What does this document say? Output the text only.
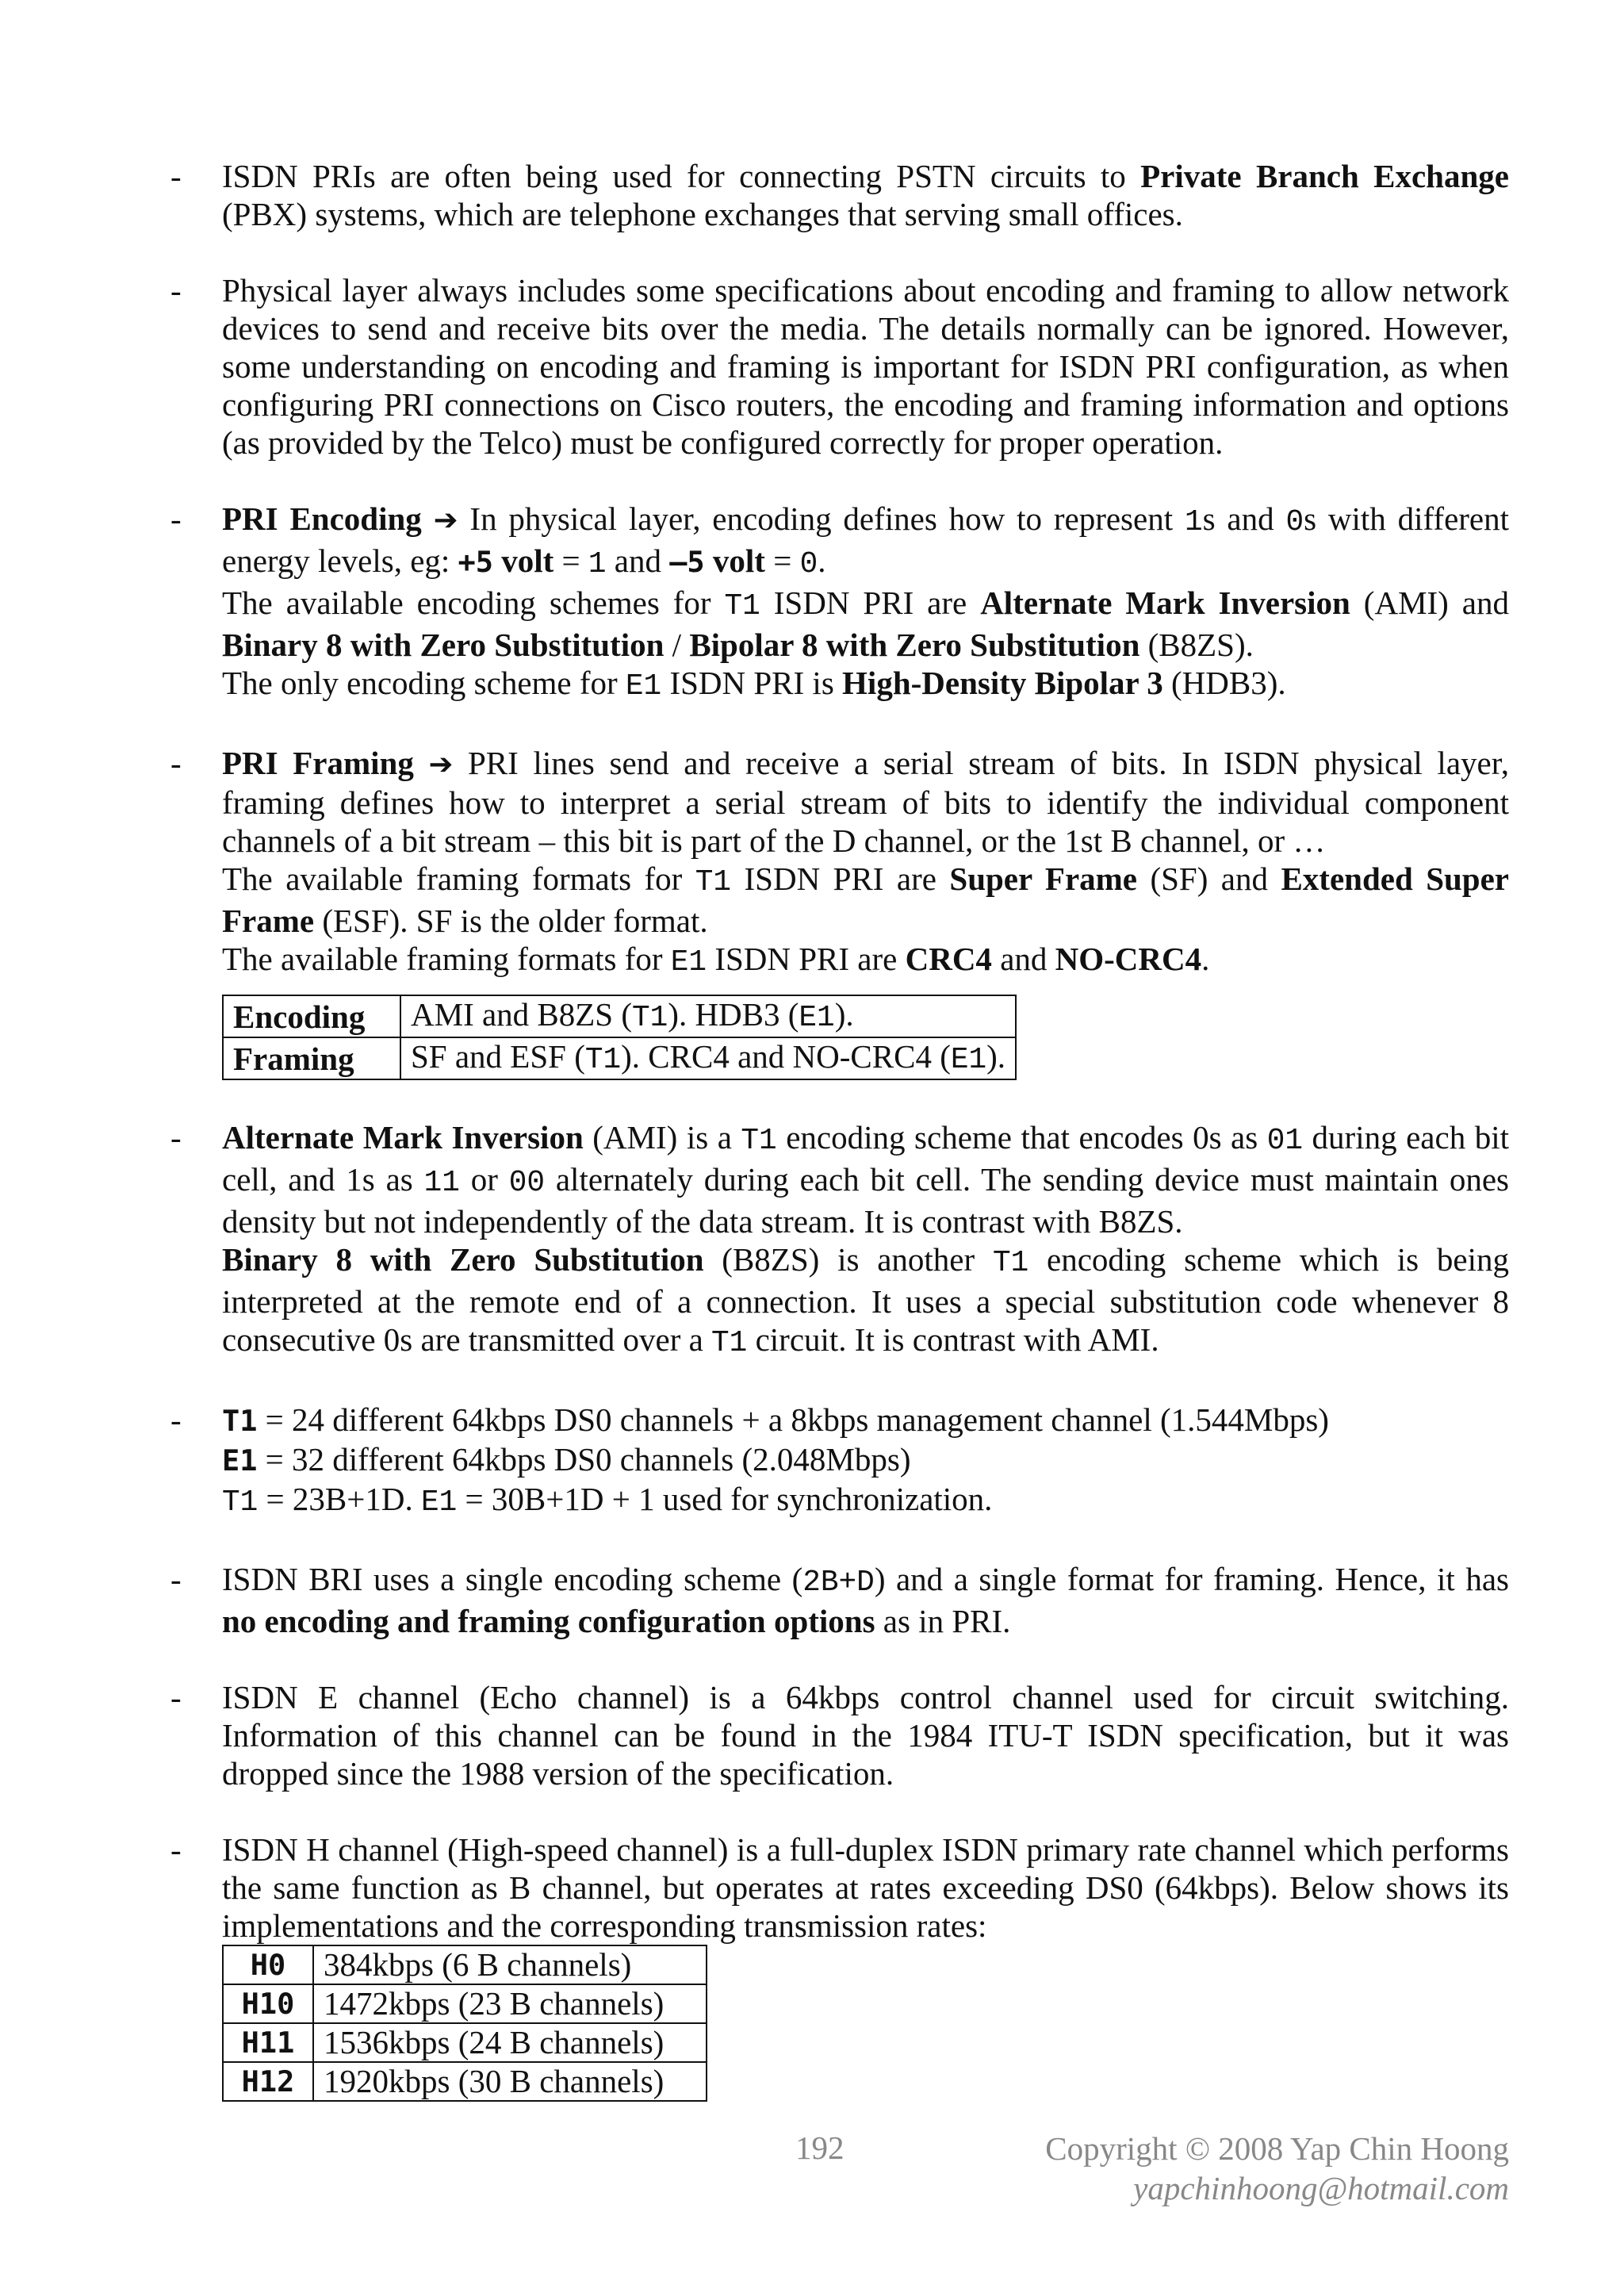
- ISDN PRIs are often being used for connecting PSTN circuits to Private Branch Exchange (PBX) systems, which are telephone exchanges that serving small offices.

- Physical layer always includes some specifications about encoding and framing to allow network devices to send and receive bits over the media. The details normally can be ignored. However, some understanding on encoding and framing is important for ISDN PRI configuration, as when configuring PRI connections on Cisco routers, the encoding and framing information and options (as provided by the Telco) must be configured correctly for proper operation.

- PRI Encoding ➔ In physical layer, encoding defines how to represent 1s and 0s with different energy levels, eg: +5 volt = 1 and –5 volt = 0.
The available encoding schemes for T1 ISDN PRI are Alternate Mark Inversion (AMI) and Binary 8 with Zero Substitution / Bipolar 8 with Zero Substitution (B8ZS).
The only encoding scheme for E1 ISDN PRI is High-Density Bipolar 3 (HDB3).

- PRI Framing ➔ PRI lines send and receive a serial stream of bits. In ISDN physical layer, framing defines how to interpret a serial stream of bits to identify the individual component channels of a bit stream – this bit is part of the D channel, or the 1st B channel, or …
The available framing formats for T1 ISDN PRI are Super Frame (SF) and Extended Super Frame (ESF). SF is the older format.
The available framing formats for E1 ISDN PRI are CRC4 and NO-CRC4.

Encoding	AMI and B8ZS (T1). HDB3 (E1).
Framing	SF and ESF (T1). CRC4 and NO-CRC4 (E1).
- Alternate Mark Inversion (AMI) is a T1 encoding scheme that encodes 0s as 01 during each bit cell, and 1s as 11 or 00 alternately during each bit cell. The sending device must maintain ones density but not independently of the data stream. It is contrast with B8ZS.
Binary 8 with Zero Substitution (B8ZS) is another T1 encoding scheme which is being interpreted at the remote end of a connection. It uses a special substitution code whenever 8 consecutive 0s are transmitted over a T1 circuit. It is contrast with AMI.

- T1 = 24 different 64kbps DS0 channels + a 8kbps management channel (1.544Mbps)
E1 = 32 different 64kbps DS0 channels (2.048Mbps)
T1 = 23B+1D. E1 = 30B+1D + 1 used for synchronization.

- ISDN BRI uses a single encoding scheme (2B+D) and a single format for framing. Hence, it has no encoding and framing configuration options as in PRI.

- ISDN E channel (Echo channel) is a 64kbps control channel used for circuit switching. Information of this channel can be found in the 1984 ITU-T ISDN specification, but it was dropped since the 1988 version of the specification.

- ISDN H channel (High-speed channel) is a full-duplex ISDN primary rate channel which performs the same function as B channel, but operates at rates exceeding DS0 (64kbps). Below shows its implementations and the corresponding transmission rates:

H0	384kbps (6 B channels)
H10	1472kbps (23 B channels)
H11	1536kbps (24 B channels)
H12	1920kbps (30 B channels)
192	Copyright © 2008 Yap Chin Hoong
yapchinhoong@hotmail.com
